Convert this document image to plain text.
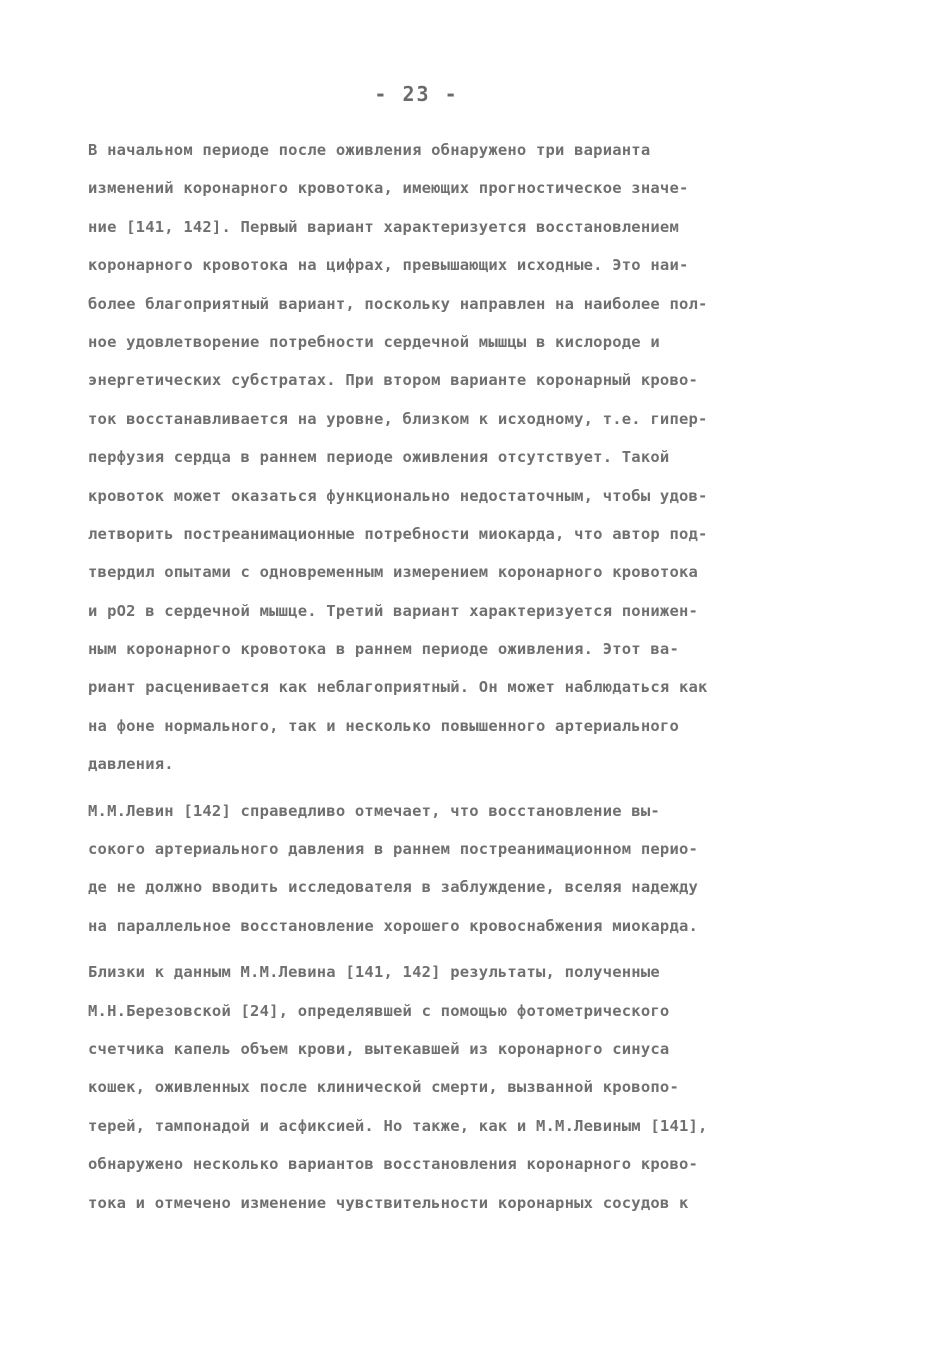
- 23 -
В начальном периоде после оживления обнаружено три варианта
изменений коронарного кровотока, имеющих прогностическое значе-
ние [141, 142]. Первый вариант характеризуется восстановлением
коронарного кровотока на цифрах, превышающих исходные. Это наи-
более благоприятный вариант, поскольку направлен на наиболее пол-
ное удовлетворение потребности сердечной мышцы в кислороде и
энергетических субстратах. При втором варианте коронарный крово-
ток восстанавливается на уровне, близком к исходному, т.е. гипер-
перфузия сердца в раннем периоде оживления отсутствует. Такой
кровоток может оказаться функционально недостаточным, чтобы удов-
летворить постреанимационные потребности миокарда, что автор под-
твердил опытами с одновременным измерением коронарного кровотока
и pO2 в сердечной мышце. Третий вариант характеризуется понижен-
ным коронарного кровотока в раннем периоде оживления. Этот ва-
риант расценивается как неблагоприятный. Он может наблюдаться как
на фоне нормального, так и несколько повышенного артериального
давления.
М.М.Левин [142] справедливо отмечает, что восстановление вы-
сокого артериального давления в раннем постреанимационном перио-
де не должно вводить исследователя в заблуждение, вселяя надежду
на параллельное восстановление хорошего кровоснабжения миокарда.
Близки к данным М.М.Левина [141, 142] результаты, полученные
М.Н.Березовской [24], определявшей с помощью фотометрического
счетчика капель объем крови, вытекавшей из коронарного синуса
кошек, оживленных после клинической смерти, вызванной кровопо-
терей, тампонадой и асфиксией. Но также, как и М.М.Левиным [141],
обнаружено несколько вариантов восстановления коронарного крово-
тока и отмечено изменение чувствительности коронарных сосудов к
